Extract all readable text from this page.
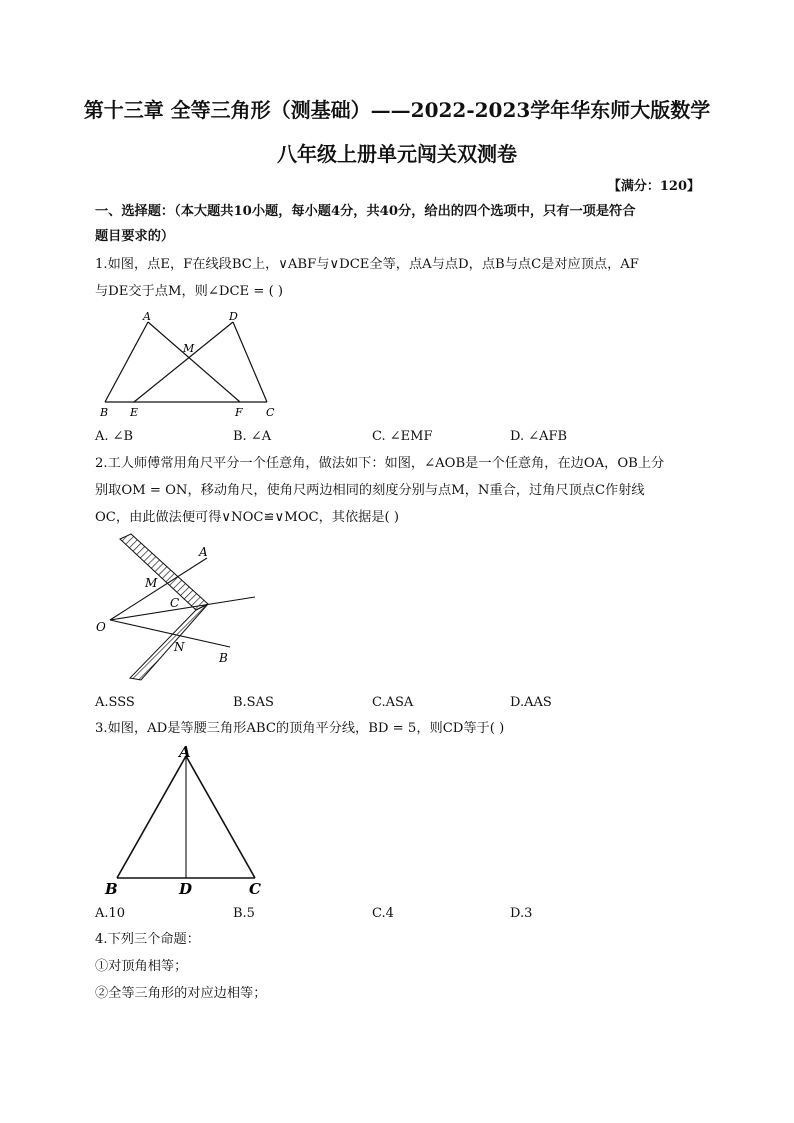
第十三章 全等三角形（测基础）——2022-2023学年华东师大版数学
八年级上册单元闯关双测卷
【满分：120】
一、选择题：（本大题共10小题，每小题4分，共40分，给出的四个选项中，只有一项是符合
题目要求的）
1.如图，点E，F在线段BC上，∨ABF与∨DCE全等，点A与点D，点B与点C是对应顶点，AF
与DE交于点M，则∠DCE = ( )
A	D
M
B E	F C
A. ∠B	B. ∠A	C. ∠EMF	D. ∠AFB
2.工人师傅常用角尺平分一个任意角，做法如下：如图，∠AOB是一个任意角，在边OA，OB上分
别取OM = ON，移动角尺，使角尺两边相同的刻度分别与点M，N重合，过角尺顶点C作射线
OC，由此做法便可得∨NOC≌∨MOC，其依据是( )
A
M
C
O
N
B
A.SSS	B.SAS	C.ASA	D.AAS
3.如图，AD是等腰三角形ABC的顶角平分线，BD = 5，则CD等于( )
A
B	D	C
A.10	B.5	C.4	D.3
4.下列三个命题：
①对顶角相等；
②全等三角形的对应边相等；
